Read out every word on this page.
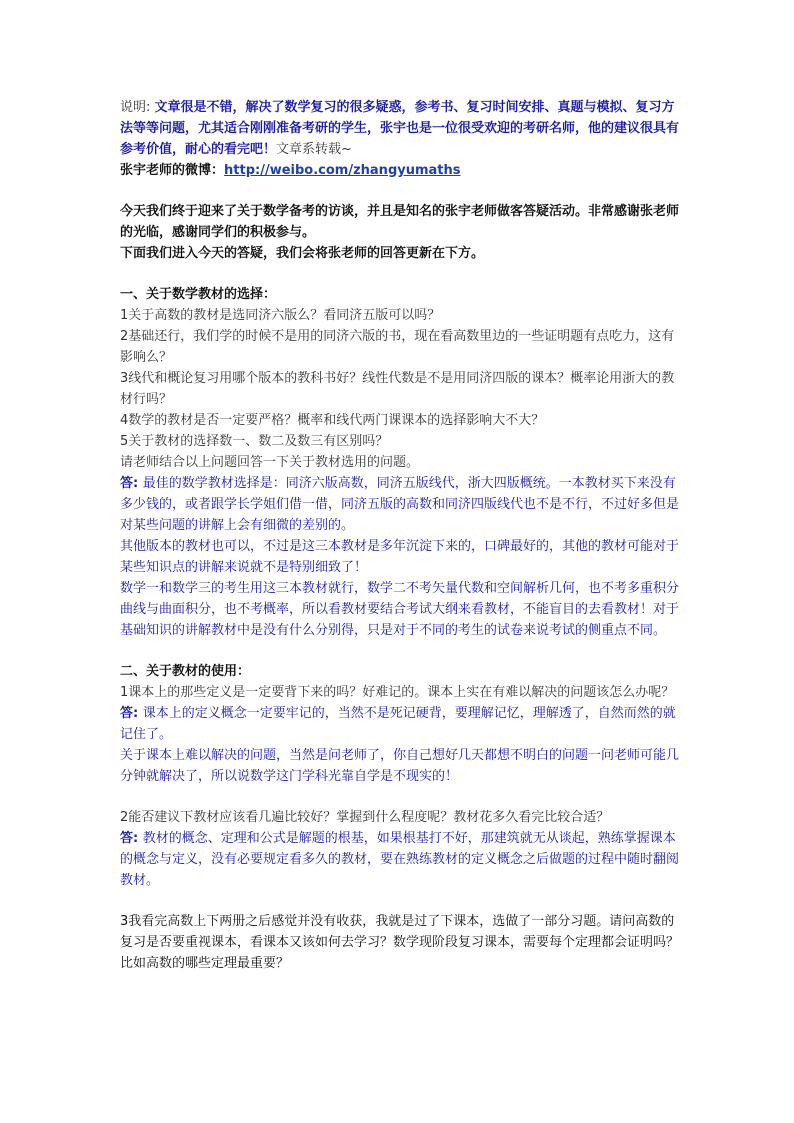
说明: 文章很是不错，解决了数学复习的很多疑惑，参考书、复习时间安排、真题与模拟、复习方法等等问题，尤其适合刚刚准备考研的学生，张宇也是一位很受欢迎的考研名师，他的建议很具有参考价值，耐心的看完吧！文章系转载~

张宇老师的微博：http://weibo.com/zhangyumaths

今天我们终于迎来了关于数学备考的访谈，并且是知名的张宇老师做客答疑活动。非常感谢张老师的光临，感谢同学们的积极参与。

下面我们进入今天的答疑，我们会将张老师的回答更新在下方。

一、关于数学教材的选择：

1关于高数的教材是选同济六版么？看同济五版可以吗？

2基础还行，我们学的时候不是用的同济六版的书，现在看高数里边的一些证明题有点吃力，这有影响么？

3线代和概论复习用哪个版本的教科书好？线性代数是不是用同济四版的课本？概率论用浙大的教材行吗？

4数学的教材是否一定要严格？概率和线代两门课课本的选择影响大不大？

5关于教材的选择数一、数二及数三有区别吗？

请老师结合以上问题回答一下关于教材选用的问题。

答: 最佳的数学教材选择是：同济六版高数，同济五版线代，浙大四版概统。一本教材买下来没有多少钱的，或者跟学长学姐们借一借，同济五版的高数和同济四版线代也不是不行，不过好多但是对某些问题的讲解上会有细微的差别的。

其他版本的教材也可以，不过是这三本教材是多年沉淀下来的，口碑最好的，其他的教材可能对于某些知识点的讲解来说就不是特别细致了！

数学一和数学三的考生用这三本教材就行，数学二不考矢量代数和空间解析几何，也不考多重积分曲线与曲面积分，也不考概率，所以看教材要结合考试大纲来看教材，不能盲目的去看教材！对于基础知识的讲解教材中是没有什么分别得，只是对于不同的考生的试卷来说考试的侧重点不同。

二、关于教材的使用：

1课本上的那些定义是一定要背下来的吗？好难记的。课本上实在有难以解决的问题该怎么办呢？

答: 课本上的定义概念一定要牢记的，当然不是死记硬背，要理解记忆，理解透了，自然而然的就记住了。

关于课本上难以解决的问题，当然是问老师了，你自己想好几天都想不明白的问题一问老师可能几分钟就解决了，所以说数学这门学科光靠自学是不现实的！

2能否建议下教材应该看几遍比较好？掌握到什么程度呢？教材花多久看完比较合适？

答: 教材的概念、定理和公式是解题的根基，如果根基打不好，那建筑就无从谈起，熟练掌握课本的概念与定义，没有必要规定看多久的教材，要在熟练教材的定义概念之后做题的过程中随时翻阅教材。

3我看完高数上下两册之后感觉并没有收获，我就是过了下课本，选做了一部分习题。请问高数的复习是否要重视课本，看课本又该如何去学习？数学现阶段复习课本，需要每个定理都会证明吗？比如高数的哪些定理最重要？
